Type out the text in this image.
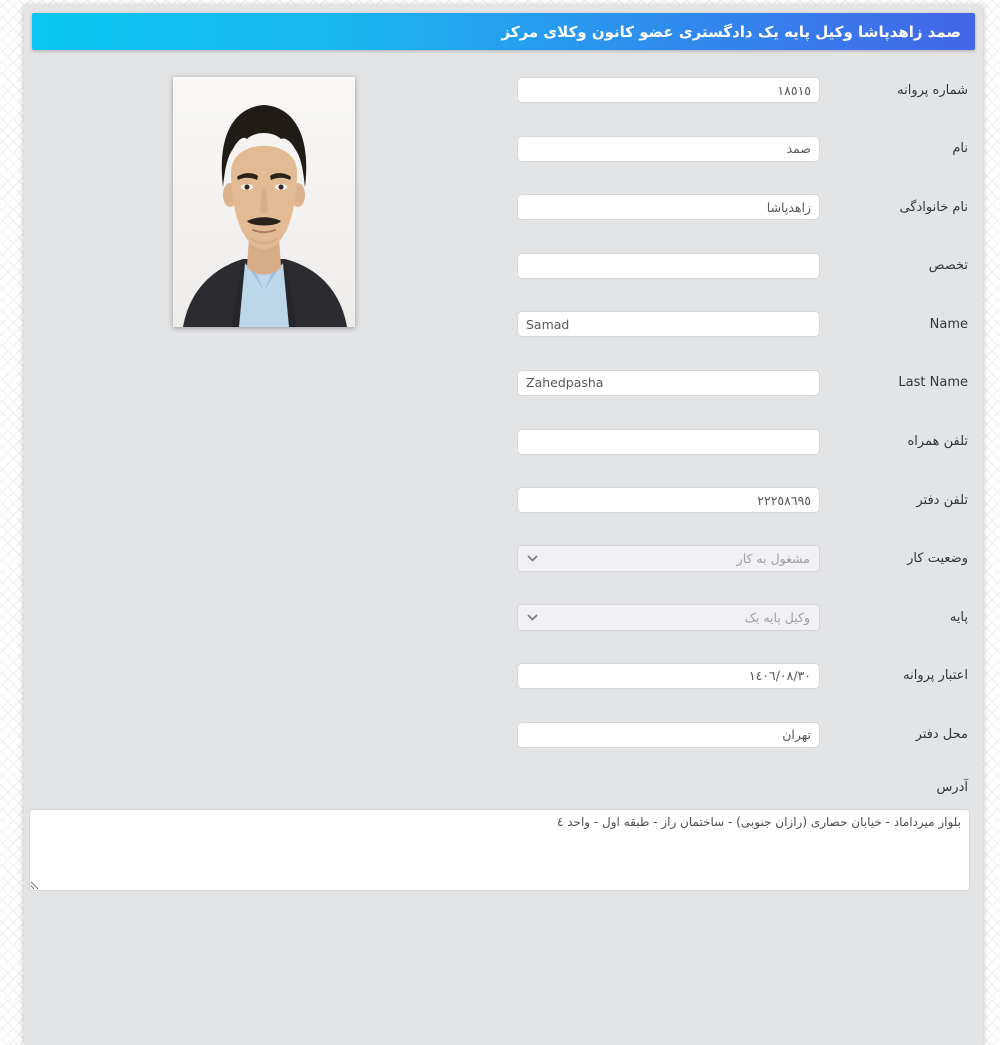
صمد زاهدپاشا وکیل پایه یک دادگستری عضو کانون وکلای مرکز
شماره پروانه
١٨٥١٥
نام
صمد
نام خانوادگی
زاهدپاشا
تخصص
Name
Samad
Last Name
Zahedpasha
تلفن همراه
تلفن دفتر
٢٢٢٥٨٦٩٥
وضعیت کار
مشغول به کار
پایه
وکیل پایه یک
اعتبار پروانه
١٤٠٦/٠٨/٣٠
محل دفتر
تهران
آدرس
بلوار میرداماد - خیابان حصاری (رازان جنوبی) - ساختمان راز - طبقه اول - واحد ٤
